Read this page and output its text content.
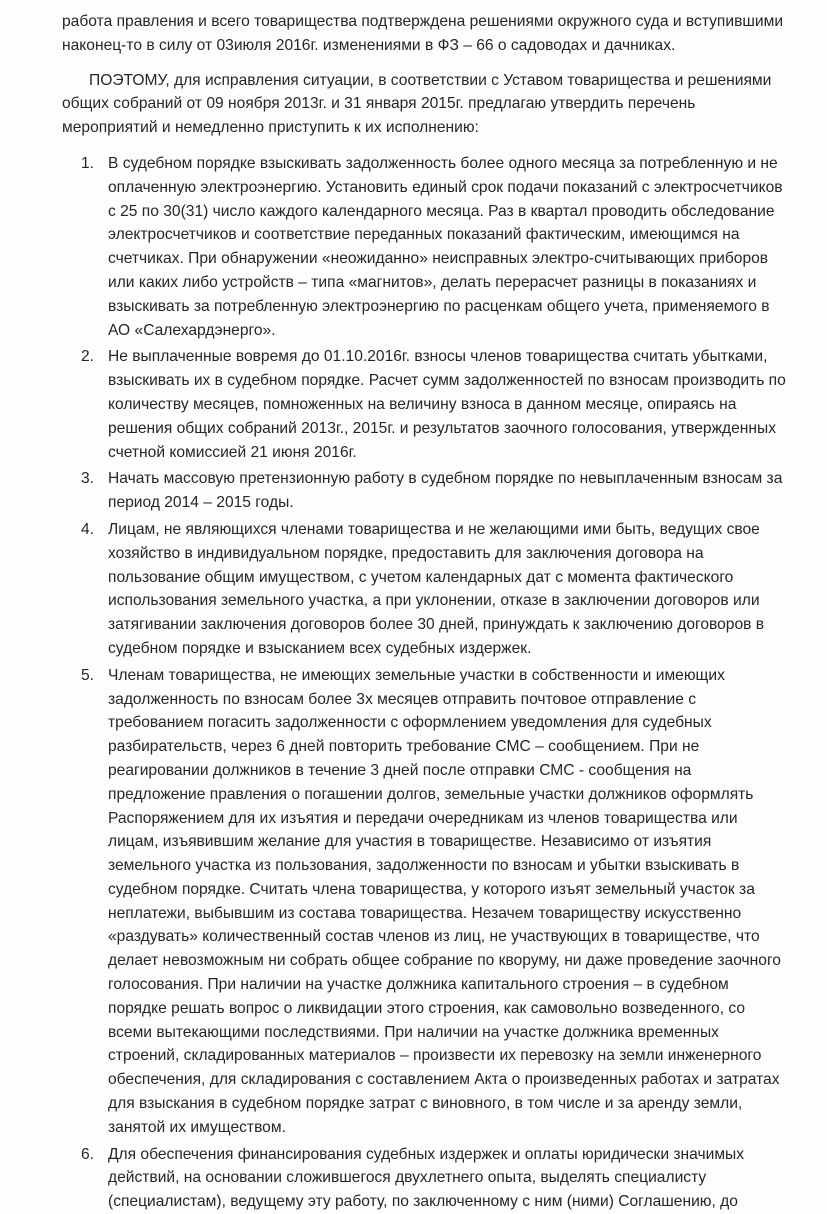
работа правления и всего товарищества подтверждена решениями окружного суда и вступившими наконец-то в силу от 03июля 2016г. изменениями в ФЗ – 66 о садоводах и дачниках.

ПОЭТОМУ, для исправления ситуации, в соответствии с Уставом товарищества и решениями общих собраний от 09 ноября 2013г. и 31 января 2015г. предлагаю утвердить перечень мероприятий и немедленно приступить к их исполнению:

1. В судебном порядке взыскивать задолженность более одного месяца за потребленную и не оплаченную электроэнергию. Установить единый срок подачи показаний с электросчетчиков с 25 по 30(31) число каждого календарного месяца. Раз в квартал проводить обследование электросчетчиков и соответствие переданных показаний фактическим, имеющимся на счетчиках. При обнаружении «неожиданно» неисправных электро-считывающих приборов или каких либо устройств – типа «магнитов», делать перерасчет разницы в показаниях и взыскивать за потребленную электроэнергию по расценкам общего учета, применяемого в АО «Салехардэнерго».
2. Не выплаченные вовремя до 01.10.2016г. взносы членов товарищества считать убытками, взыскивать их в судебном порядке. Расчет сумм задолженностей по взносам производить по количеству месяцев, помноженных на величину взноса в данном месяце, опираясь на решения общих собраний 2013г., 2015г. и результатов заочного голосования, утвержденных счетной комиссией 21 июня 2016г.
3. Начать массовую претензионную работу в судебном порядке по невыплаченным взносам за период 2014 – 2015 годы.
4. Лицам, не являющихся членами товарищества и не желающими ими быть, ведущих свое хозяйство в индивидуальном порядке, предоставить для заключения договора на пользование общим имуществом, с учетом календарных дат с момента фактического использования земельного участка, а при уклонении, отказе в заключении договоров или затягивании заключения договоров более 30 дней, принуждать к заключению договоров в судебном порядке и взысканием всех судебных издержек.
5. Членам товарищества, не имеющих земельные участки в собственности и имеющих задолженность по взносам более 3х месяцев отправить почтовое отправление с требованием погасить задолженности с оформлением уведомления для судебных разбирательств, через 6 дней повторить требование СМС – сообщением. При не реагировании должников в течение 3 дней после отправки СМС - сообщения на предложение правления о погашении долгов, земельные участки должников оформлять Распоряжением для их изъятия и передачи очередникам из членов товарищества или лицам, изъявившим желание для участия в товариществе. Независимо от изъятия земельного участка из пользования, задолженности по взносам и убытки взыскивать в судебном порядке. Считать члена товарищества, у которого изъят земельный участок за неплатежи, выбывшим из состава товарищества. Незачем товариществу искусственно «раздувать» количественный состав членов из лиц, не участвующих в товариществе, что делает невозможным ни собрать общее собрание по кворуму, ни даже проведение заочного голосования. При наличии на участке должника капитального строения – в судебном порядке решать вопрос о ликвидации этого строения, как самовольно возведенного, со всеми вытекающими последствиями. При наличии на участке должника временных строений, складированных материалов – произвести их перевозку на земли инженерного обеспечения, для складирования с составлением Акта о произведенных работах и затратах для взыскания в судебном порядке затрат с виновного, в том числе и за аренду земли, занятой их имуществом.
6. Для обеспечения финансирования судебных издержек и оплаты юридически значимых действий, на основании сложившегося двухлетнего опыта, выделять специалисту (специалистам), ведущему эту работу, по заключенному с ним (ними) Соглашению, до
